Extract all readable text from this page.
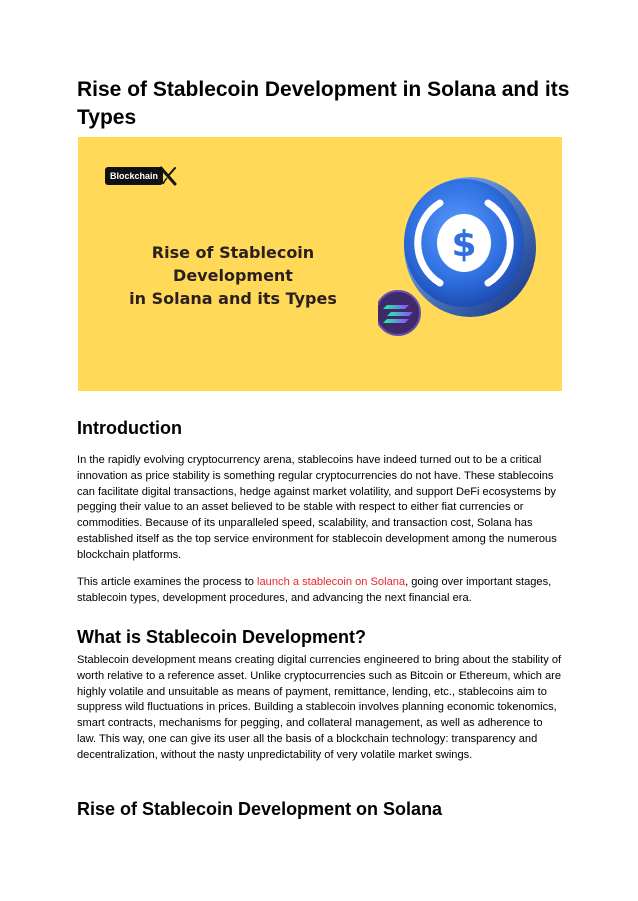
Rise of Stablecoin Development in Solana and its Types
Blockchain
Rise of Stablecoin Development
in Solana and its Types
$
Introduction

In the rapidly evolving cryptocurrency arena, stablecoins have indeed turned out to be a critical innovation as price stability is something regular cryptocurrencies do not have. These stablecoins can facilitate digital transactions, hedge against market volatility, and support DeFi ecosystems by pegging their value to an asset believed to be stable with respect to either fiat currencies or commodities. Because of its unparalleled speed, scalability, and transaction cost, Solana has established itself as the top service environment for stablecoin development among the numerous blockchain platforms.

This article examines the process to launch a stablecoin on Solana, going over important stages, stablecoin types, development procedures, and advancing the next financial era.

What is Stablecoin Development?

Stablecoin development means creating digital currencies engineered to bring about the stability of worth relative to a reference asset. Unlike cryptocurrencies such as Bitcoin or Ethereum, which are highly volatile and unsuitable as means of payment, remittance, lending, etc., stablecoins aim to suppress wild fluctuations in prices. Building a stablecoin involves planning economic tokenomics, smart contracts, mechanisms for pegging, and collateral management, as well as adherence to law. This way, one can give its user all the basis of a blockchain technology: transparency and decentralization, without the nasty unpredictability of very volatile market swings.

Rise of Stablecoin Development on Solana
